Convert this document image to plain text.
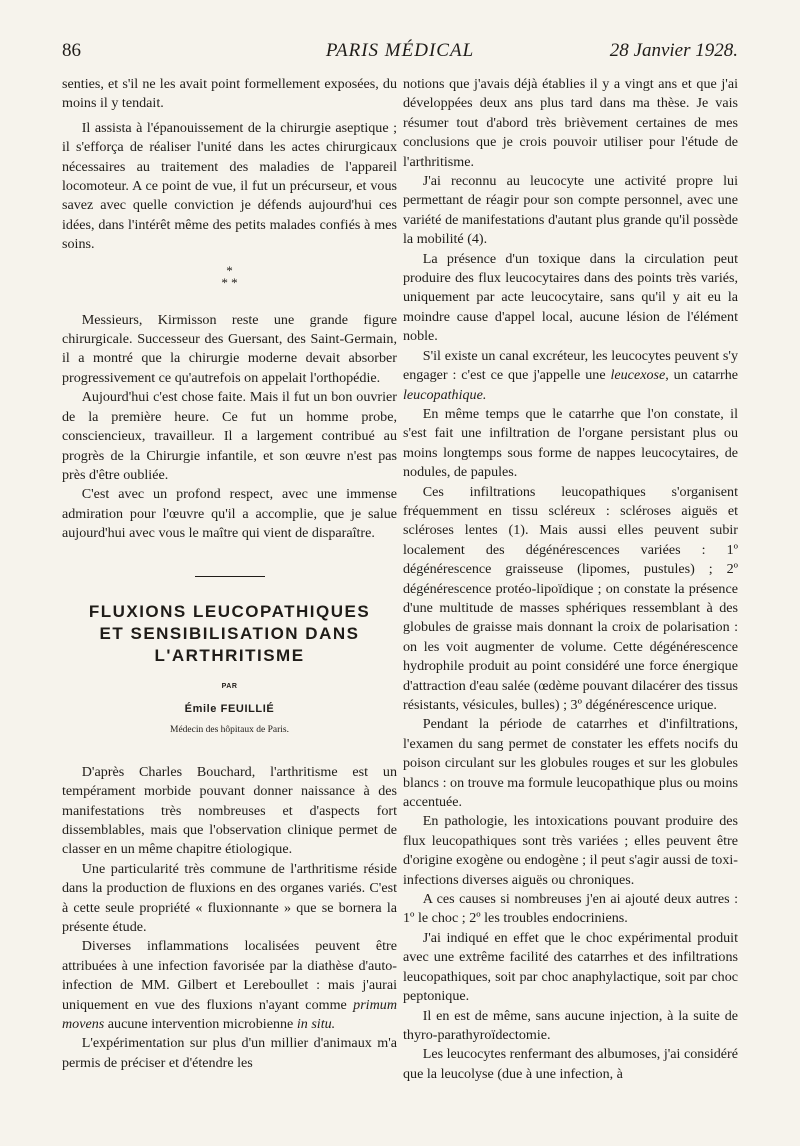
86	PARIS MÉDICAL	28 Janvier 1928.

senties, et s'il ne les avait point formellement exposées, du moins il y tendait.

Il assista à l'épanouissement de la chirurgie aseptique ; il s'efforça de réaliser l'unité dans les actes chirurgicaux nécessaires au traitement des maladies de l'appareil locomoteur. A ce point de vue, il fut un précurseur, et vous savez avec quelle conviction je défends aujourd'hui ces idées, dans l'intérêt même des petits malades confiés à mes soins.

*
* *

Messieurs, Kirmisson reste une grande figure chirurgicale. Successeur des Guersant, des Saint-Germain, il a montré que la chirurgie moderne devait absorber progressivement ce qu'autrefois on appelait l'orthopédie.

Aujourd'hui c'est chose faite. Mais il fut un bon ouvrier de la première heure. Ce fut un homme probe, consciencieux, travailleur. Il a largement contribué au progrès de la Chirurgie infantile, et son œuvre n'est pas près d'être oubliée.

C'est avec un profond respect, avec une immense admiration pour l'œuvre qu'il a accomplie, que je salue aujourd'hui avec vous le maître qui vient de disparaître.

FLUXIONS LEUCOPATHIQUES
ET SENSIBILISATION DANS
L'ARTHRITISME
PAR
Émile FEUILLIÉ
Médecin des hôpitaux de Paris.

D'après Charles Bouchard, l'arthritisme est un tempérament morbide pouvant donner naissance à des manifestations très nombreuses et d'aspects fort dissemblables, mais que l'observation clinique permet de classer en un même chapitre étiologique.

Une particularité très commune de l'arthritisme réside dans la production de fluxions en des organes variés. C'est à cette seule propriété « fluxionnante » que se bornera la présente étude.

Diverses inflammations localisées peuvent être attribuées à une infection favorisée par la diathèse d'auto-infection de MM. Gilbert et Lereboullet : mais j'aurai uniquement en vue des fluxions n'ayant comme primum movens aucune intervention microbienne in situ.

L'expérimentation sur plus d'un millier d'animaux m'a permis de préciser et d'étendre les

notions que j'avais déjà établies il y a vingt ans et que j'ai développées deux ans plus tard dans ma thèse. Je vais résumer tout d'abord très brièvement certaines de mes conclusions que je crois pouvoir utiliser pour l'étude de l'arthritisme.

J'ai reconnu au leucocyte une activité propre lui permettant de réagir pour son compte personnel, avec une variété de manifestations d'autant plus grande qu'il possède la mobilité (4).

La présence d'un toxique dans la circulation peut produire des flux leucocytaires dans des points très variés, uniquement par acte leucocytaire, sans qu'il y ait eu la moindre cause d'appel local, aucune lésion de l'élément noble.

S'il existe un canal excréteur, les leucocytes peuvent s'y engager : c'est ce que j'appelle une leucexose, un catarrhe leucopathique.

En même temps que le catarrhe que l'on constate, il s'est fait une infiltration de l'organe persistant plus ou moins longtemps sous forme de nappes leucocytaires, de nodules, de papules.

Ces infiltrations leucopathiques s'organisent fréquemment en tissu scléreux : scléroses aiguës et scléroses lentes (1). Mais aussi elles peuvent subir localement des dégénérescences variées : 1º dégénérescence graisseuse (lipomes, pustules) ; 2º dégénérescence protéo-lipoïdique ; on constate la présence d'une multitude de masses sphériques ressemblant à des globules de graisse mais donnant la croix de polarisation : on les voit augmenter de volume. Cette dégénérescence hydrophile produit au point considéré une force énergique d'attraction d'eau salée (œdème pouvant dilacérer des tissus résistants, vésicules, bulles) ; 3º dégénérescence urique.

Pendant la période de catarrhes et d'infiltrations, l'examen du sang permet de constater les effets nocifs du poison circulant sur les globules rouges et sur les globules blancs : on trouve ma formule leucopathique plus ou moins accentuée.

En pathologie, les intoxications pouvant produire des flux leucopathiques sont très variées ; elles peuvent être d'origine exogène ou endogène ; il peut s'agir aussi de toxi-infections diverses aiguës ou chroniques.

A ces causes si nombreuses j'en ai ajouté deux autres : 1º le choc ; 2º les troubles endocriniens.

J'ai indiqué en effet que le choc expérimental produit avec une extrême facilité des catarrhes et des infiltrations leucopathiques, soit par choc anaphylactique, soit par choc peptonique.

Il en est de même, sans aucune injection, à la suite de thyro-parathyroïdectomie.

Les leucocytes renfermant des albumoses, j'ai considéré que la leucolyse (due à une infection, à
